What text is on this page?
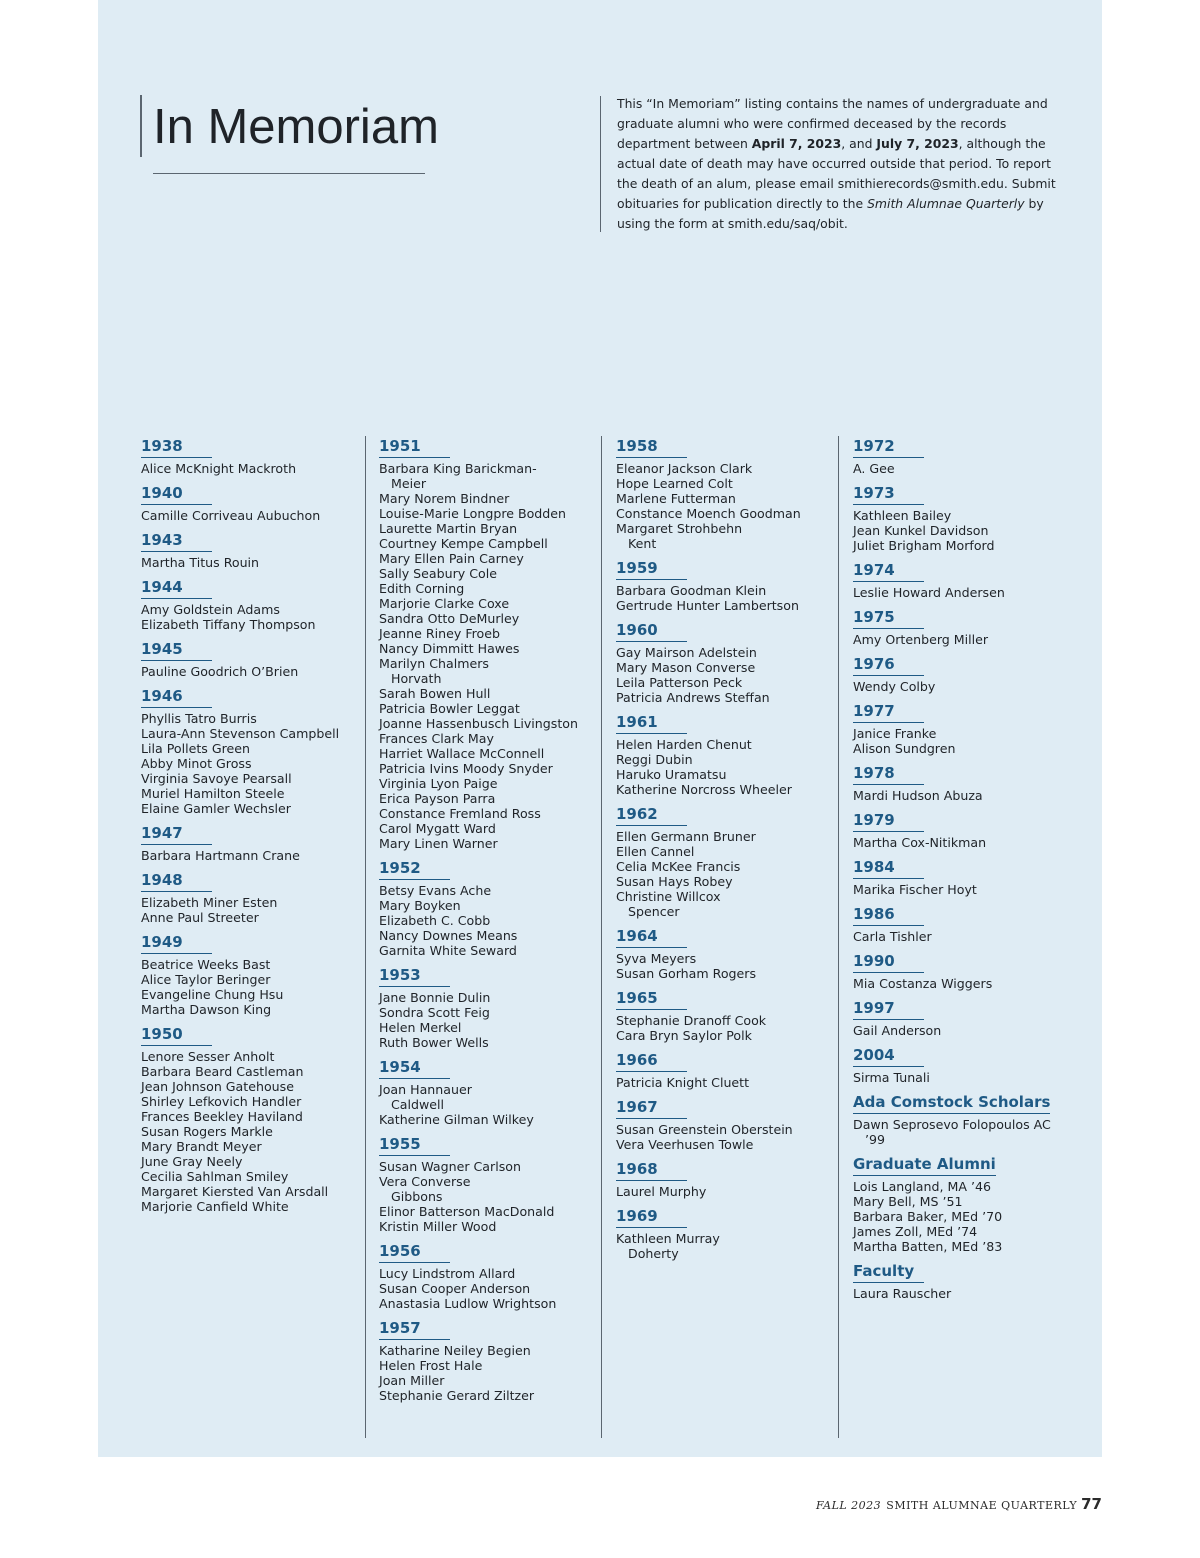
In Memoriam	This “In Memoriam” listing contains the names of undergraduate and graduate alumni who were confirmed deceased by the records department between April 7, 2023, and July 7, 2023, although the actual date of death may have occurred outside that period. To report the death of an alum, please email smithierecords@smith.edu. Submit obituaries for publication directly to the Smith Alumnae Quarterly by using the form at smith.edu/saq/obit.

1938
Alice McKnight Mackroth
1940
Camille Corriveau Aubuchon
1943
Martha Titus Rouin
1944
Amy Goldstein Adams
Elizabeth Tiffany Thompson
1945
Pauline Goodrich O’Brien
1946
Phyllis Tatro Burris
Laura-Ann Stevenson Campbell
Lila Pollets Green
Abby Minot Gross
Virginia Savoye Pearsall
Muriel Hamilton Steele
Elaine Gamler Wechsler
1947
Barbara Hartmann Crane
1948
Elizabeth Miner Esten
Anne Paul Streeter
1949
Beatrice Weeks Bast
Alice Taylor Beringer
Evangeline Chung Hsu
Martha Dawson King
1950
Lenore Sesser Anholt
Barbara Beard Castleman
Jean Johnson Gatehouse
Shirley Lefkovich Handler
Frances Beekley Haviland
Susan Rogers Markle
Mary Brandt Meyer
June Gray Neely
Cecilia Sahlman Smiley
Margaret Kiersted Van Arsdall
Marjorie Canfield White
1951
Barbara King Barickman-
Meier
Mary Norem Bindner
Louise-Marie Longpre Bodden
Laurette Martin Bryan
Courtney Kempe Campbell
Mary Ellen Pain Carney
Sally Seabury Cole
Edith Corning
Marjorie Clarke Coxe
Sandra Otto DeMurley
Jeanne Riney Froeb
Nancy Dimmitt Hawes
Marilyn Chalmers
Horvath
Sarah Bowen Hull
Patricia Bowler Leggat
Joanne Hassenbusch Livingston
Frances Clark May
Harriet Wallace McConnell
Patricia Ivins Moody Snyder
Virginia Lyon Paige
Erica Payson Parra
Constance Fremland Ross
Carol Mygatt Ward
Mary Linen Warner
1952
Betsy Evans Ache
Mary Boyken
Elizabeth C. Cobb
Nancy Downes Means
Garnita White Seward
1953
Jane Bonnie Dulin
Sondra Scott Feig
Helen Merkel
Ruth Bower Wells
1954
Joan Hannauer
Caldwell
Katherine Gilman Wilkey
1955
Susan Wagner Carlson
Vera Converse
Gibbons
Elinor Batterson MacDonald
Kristin Miller Wood
1956
Lucy Lindstrom Allard
Susan Cooper Anderson
Anastasia Ludlow Wrightson
1957
Katharine Neiley Begien
Helen Frost Hale
Joan Miller
Stephanie Gerard Ziltzer
1958
Eleanor Jackson Clark
Hope Learned Colt
Marlene Futterman
Constance Moench Goodman
Margaret Strohbehn
Kent
1959
Barbara Goodman Klein
Gertrude Hunter Lambertson
1960
Gay Mairson Adelstein
Mary Mason Converse
Leila Patterson Peck
Patricia Andrews Steffan
1961
Helen Harden Chenut
Reggi Dubin
Haruko Uramatsu
Katherine Norcross Wheeler
1962
Ellen Germann Bruner
Ellen Cannel
Celia McKee Francis
Susan Hays Robey
Christine Willcox
Spencer
1964
Syva Meyers
Susan Gorham Rogers
1965
Stephanie Dranoff Cook
Cara Bryn Saylor Polk
1966
Patricia Knight Cluett
1967
Susan Greenstein Oberstein
Vera Veerhusen Towle
1968
Laurel Murphy
1969
Kathleen Murray
Doherty
1972
A. Gee
1973
Kathleen Bailey
Jean Kunkel Davidson
Juliet Brigham Morford
1974
Leslie Howard Andersen
1975
Amy Ortenberg Miller
1976
Wendy Colby
1977
Janice Franke
Alison Sundgren
1978
Mardi Hudson Abuza
1979
Martha Cox-Nitikman
1984
Marika Fischer Hoyt
1986
Carla Tishler
1990
Mia Costanza Wiggers
1997
Gail Anderson
2004
Sirma Tunali
Ada Comstock Scholars
Dawn Seprosevo Folopoulos AC
’99
Graduate Alumni
Lois Langland, MA ’46
Mary Bell, MS ’51
Barbara Baker, MEd ’70
James Zoll, MEd ’74
Martha Batten, MEd ’83
Faculty
Laura Rauscher
FALL 2023 SMITH ALUMNAE QUARTERLY 77
